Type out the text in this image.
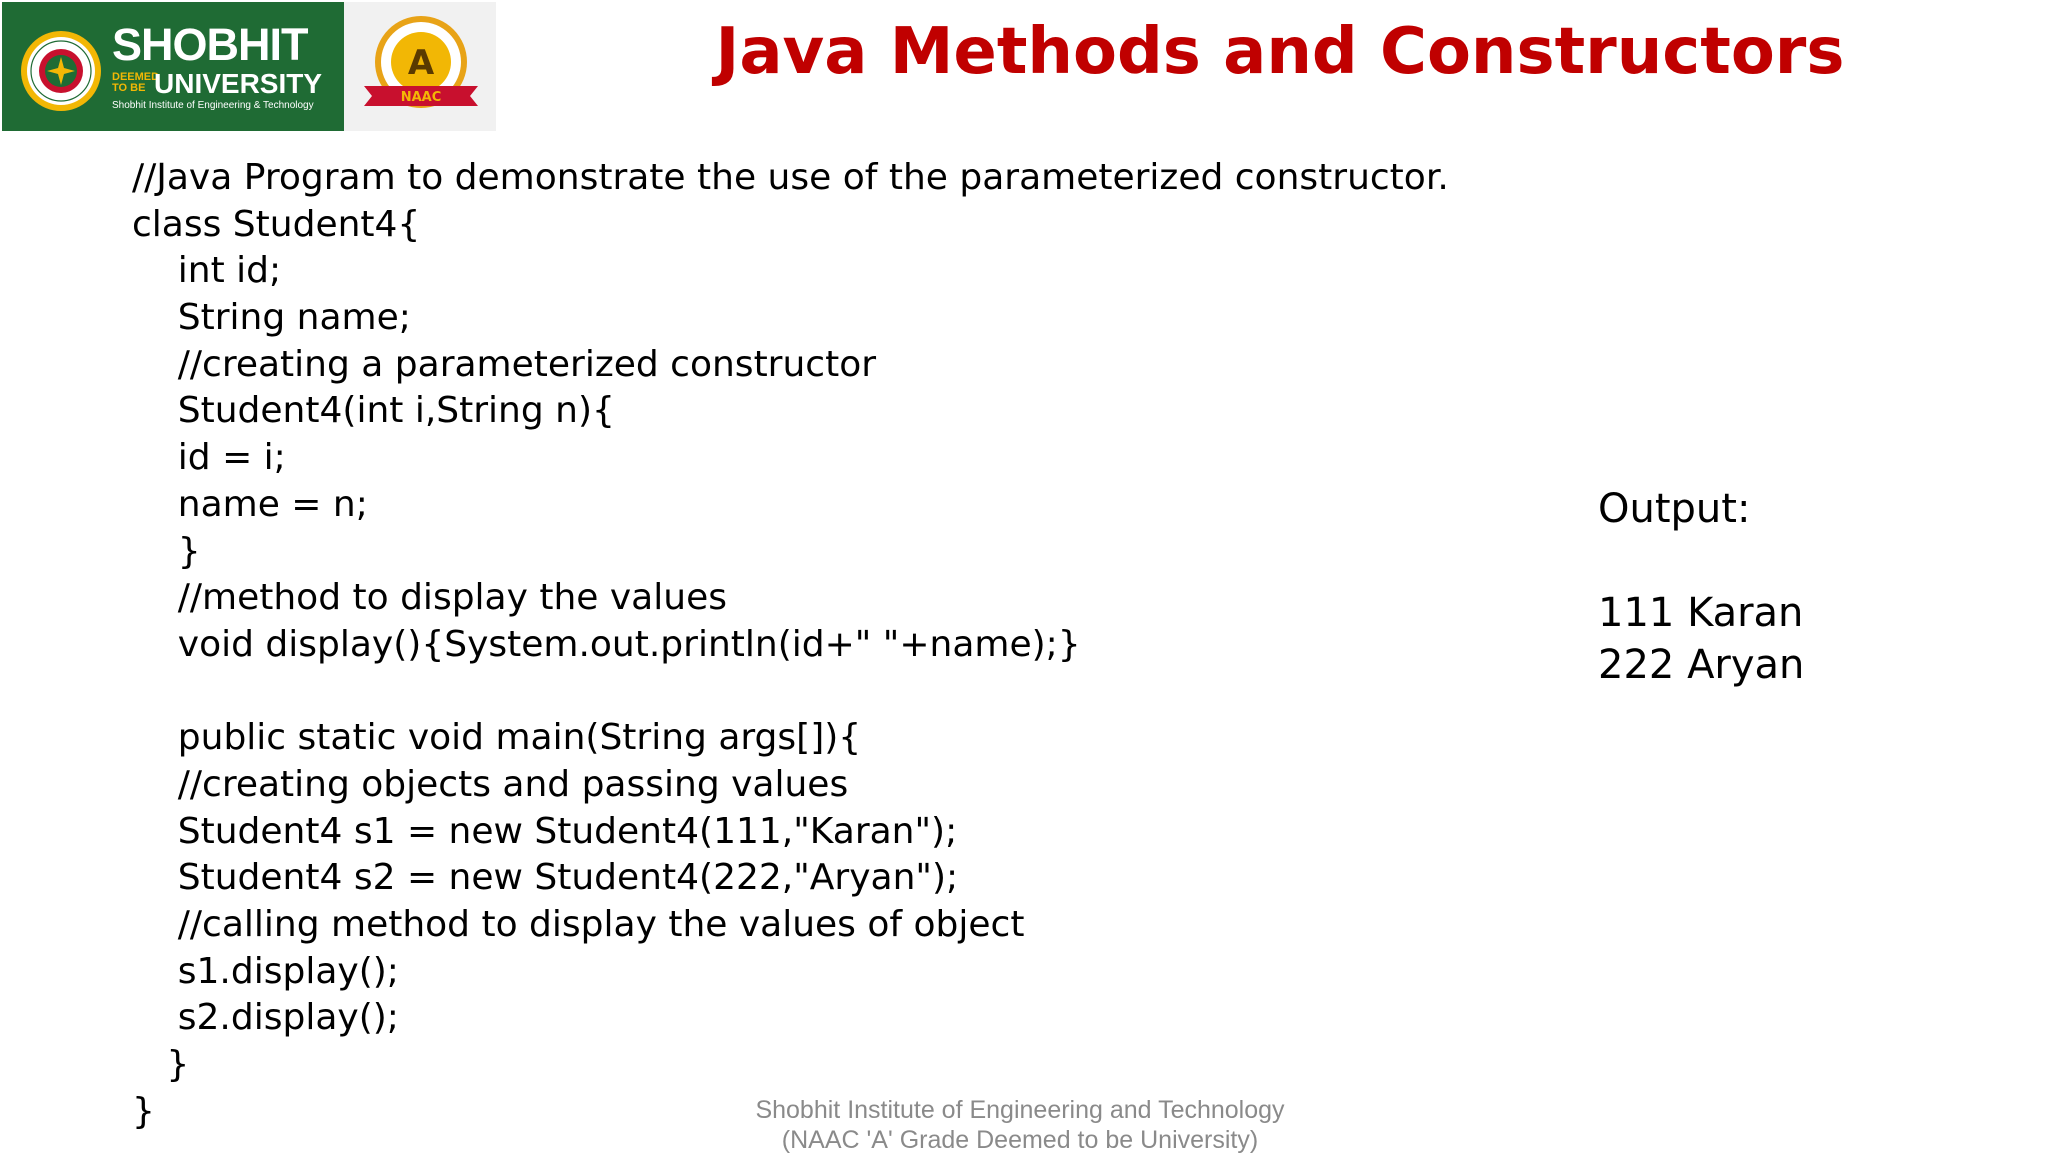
SHOBHIT
DEEMED
TO BE UNIVERSITY
Shobhit Institute of Engineering & Technology
A
NAAC
Java Methods and Constructors
//Java Program to demonstrate the use of the parameterized constructor.
class Student4{
int id;
String name;
//creating a parameterized constructor
Student4(int i,String n){
id = i;
name = n;
}
//method to display the values
void display(){System.out.println(id+" "+name);}
public static void main(String args[]){
//creating objects and passing values
Student4 s1 = new Student4(111,"Karan");
Student4 s2 = new Student4(222,"Aryan");
//calling method to display the values of object
s1.display();
s2.display();
}
}
Output:
111 Karan
222 Aryan
Shobhit Institute of Engineering and Technology
(NAAC 'A' Grade Deemed to be University)
